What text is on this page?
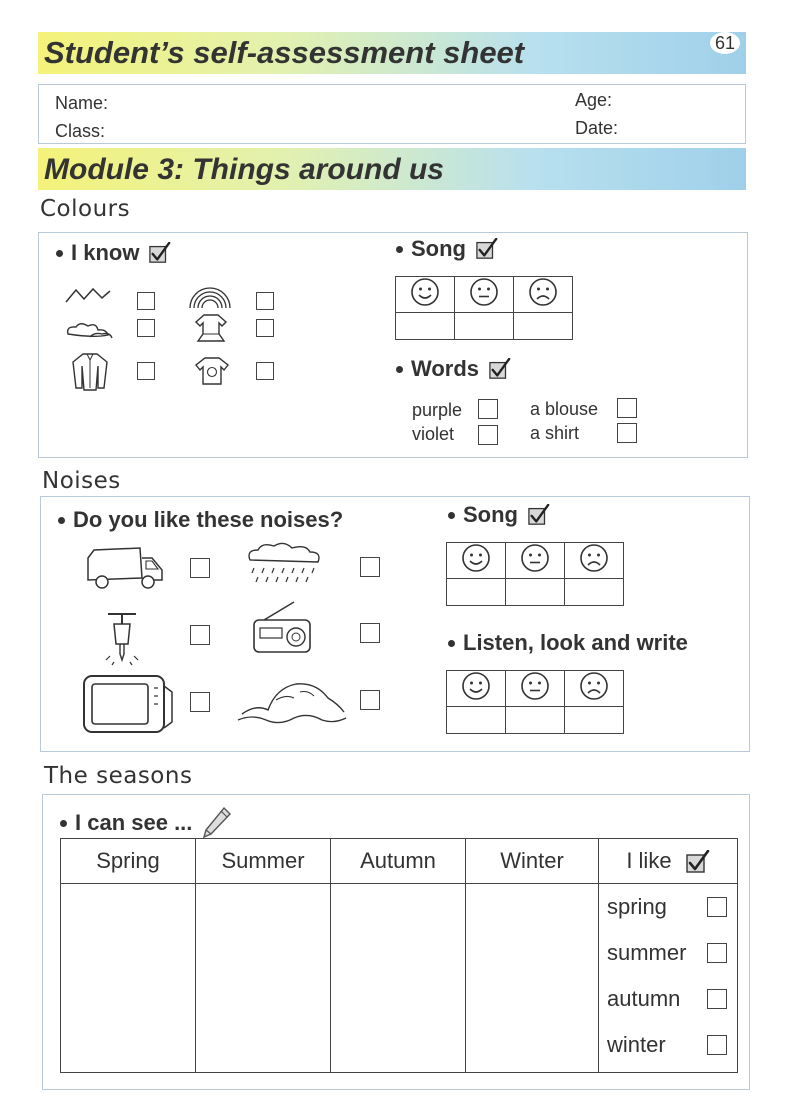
Student’s self-assessment sheet	61
Name:
Class:
Age:
Date:
Module 3: Things around us
Colours
I know	Song

Words
purple
violet
a blouse
a shirt
Noises
Do you like these noises?	Song

Listen, look and write

The seasons
I can see ...
Spring	Summer	Autumn	Winter	I like

				spring
summer
autumn
winter
